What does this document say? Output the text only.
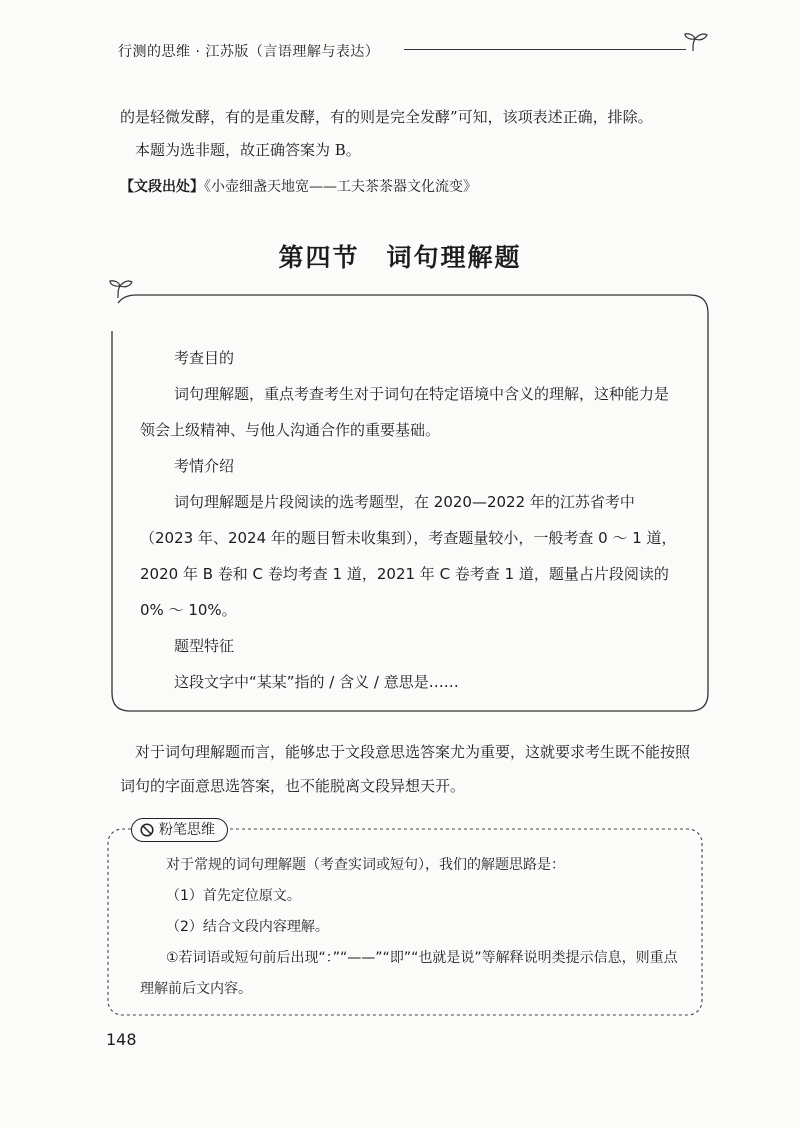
行测的思维 · 江苏版（言语理解与表达）
的是轻微发酵，有的是重发酵，有的则是完全发酵”可知，该项表述正确，排除。
本题为选非题，故正确答案为 B。
【文段出处】《小壶细盏天地宽——工夫茶茶器文化流变》
第四节　词句理解题
考查目的
词句理解题，重点考查考生对于词句在特定语境中含义的理解，这种能力是领会上级精神、与他人沟通合作的重要基础。
考情介绍
词句理解题是片段阅读的选考题型，在 2020—2022 年的江苏省考中（2023 年、2024 年的题目暂未收集到），考查题量较小，一般考查 0 ～ 1 道，2020 年 B 卷和 C 卷均考查 1 道，2021 年 C 卷考查 1 道，题量占片段阅读的 0% ～ 10%。
题型特征
这段文字中“某某”指的 / 含义 / 意思是……
对于词句理解题而言，能够忠于文段意思选答案尤为重要，这就要求考生既不能按照词句的字面意思选答案，也不能脱离文段异想天开。
粉笔思维
对于常规的词句理解题（考查实词或短句），我们的解题思路是：
（1）首先定位原文。
（2）结合文段内容理解。
①若词语或短句前后出现“：”“——”“即”“也就是说”等解释说明类提示信息，则重点理解前后文内容。
148
